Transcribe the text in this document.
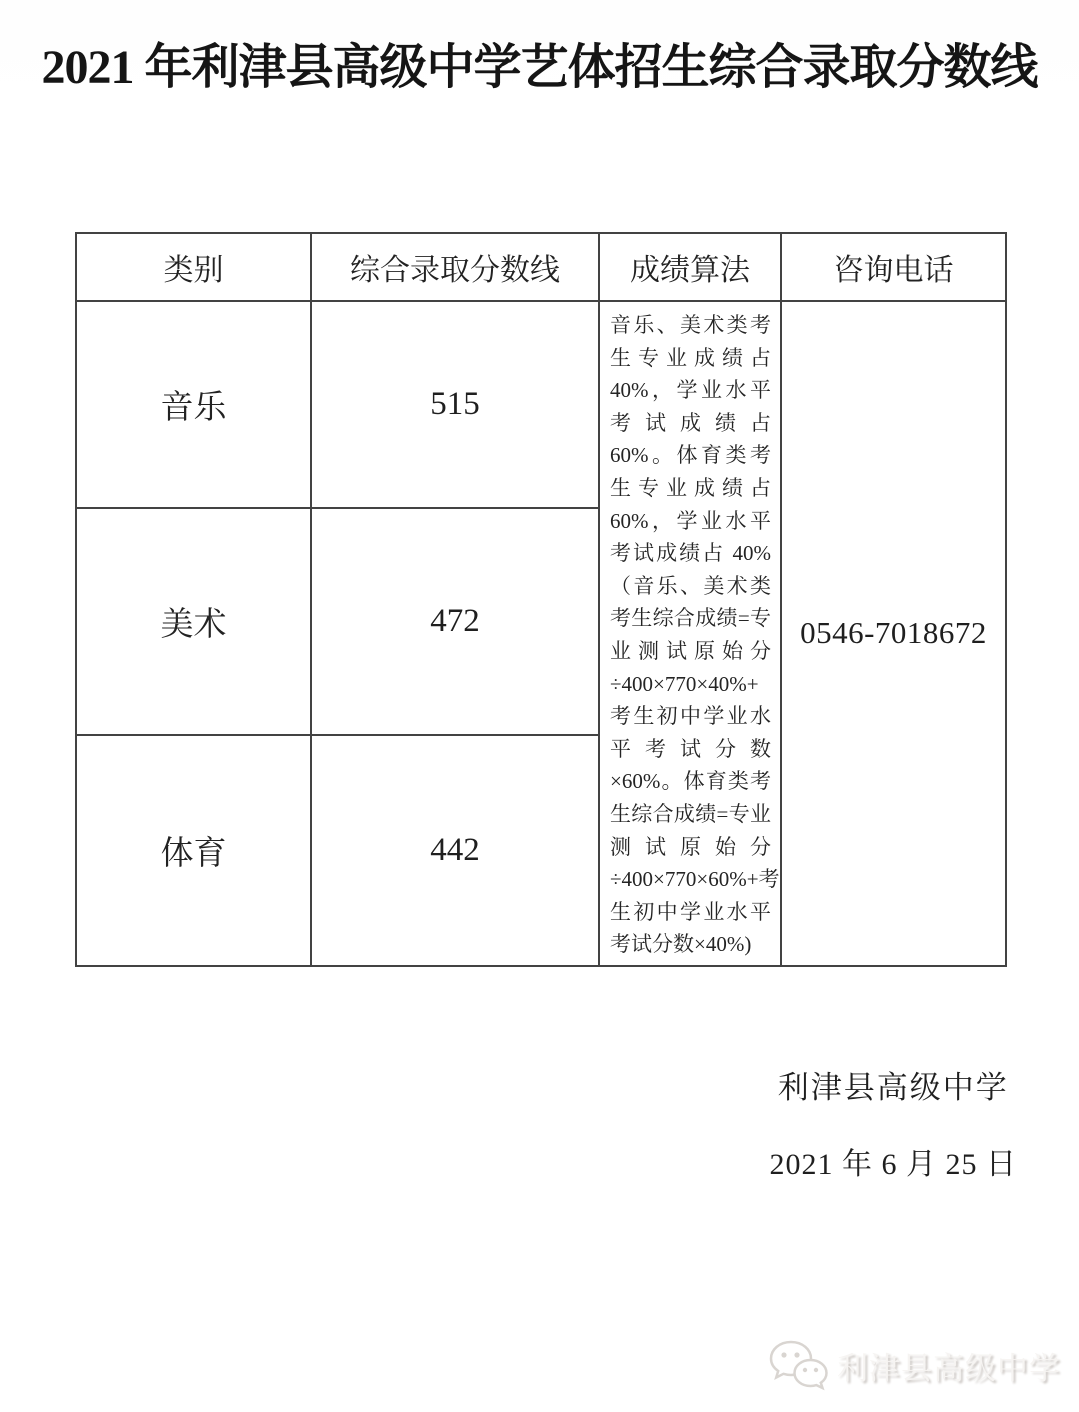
2021 年利津县高级中学艺体招生综合录取分数线
类别	综合录取分数线	成绩算法	咨询电话
音乐	515	音乐、美术类考生专业成绩占 40%，学业水平考试成绩占 60%。体育类考生专业成绩占 60%，学业水平考试成绩占 40% （音乐、美术类考生综合成绩=专业测试原始分÷400×770×40%+ 考生初中学业水平考试分数×60%。体育类考生综合成绩=专业测试原始分÷400×770×60%+考生初中学业水平考试分数×40%)	0546-7018672
美术	472		
体育	442		
利津县高级中学
2021 年 6 月 25 日
利津县高级中学
